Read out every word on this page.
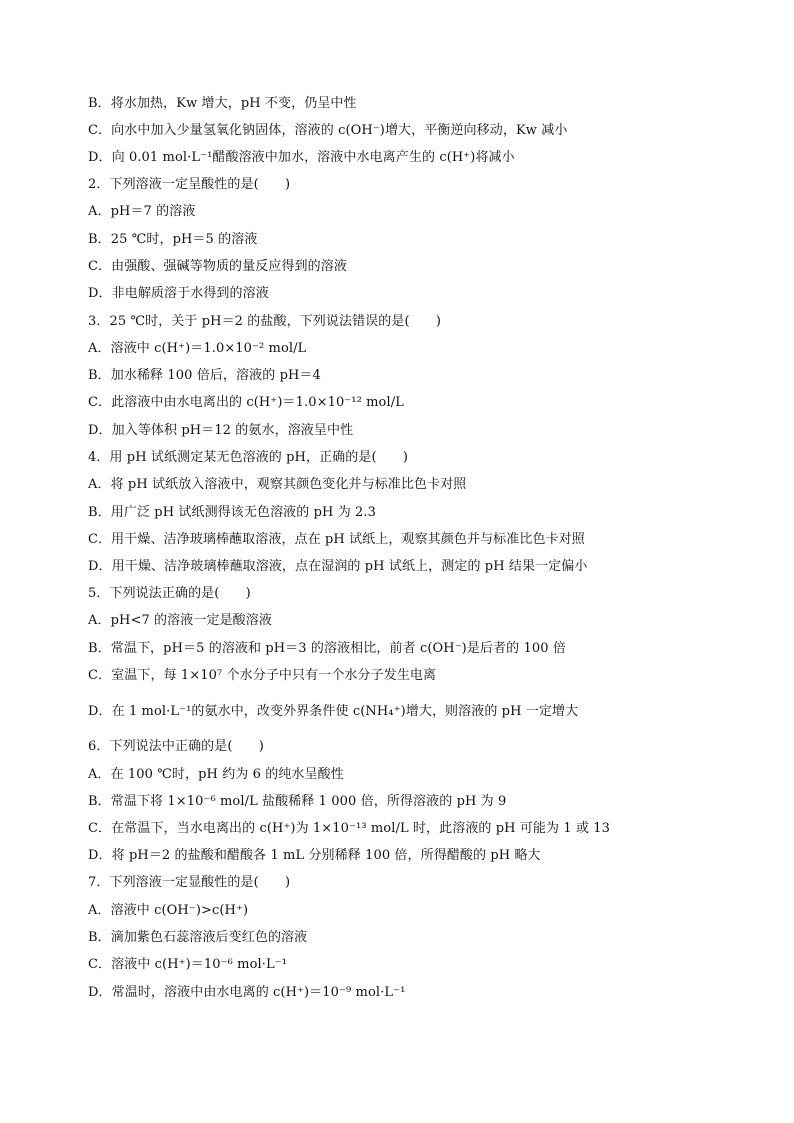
B．将水加热，Kw 增大，pH 不变，仍呈中性
C．向水中加入少量氢氧化钠固体，溶液的 c(OH⁻)增大，平衡逆向移动，Kw 减小
D．向 0.01 mol·L⁻¹醋酸溶液中加水，溶液中水电离产生的 c(H⁺)将减小
2．下列溶液一定呈酸性的是(　　)
A．pH＝7 的溶液
B．25 ℃时，pH＝5 的溶液
C．由强酸、强碱等物质的量反应得到的溶液
D．非电解质溶于水得到的溶液
3．25 ℃时，关于 pH＝2 的盐酸，下列说法错误的是(　　)
A．溶液中 c(H⁺)＝1.0×10⁻² mol/L
B．加水稀释 100 倍后，溶液的 pH＝4
C．此溶液中由水电离出的 c(H⁺)＝1.0×10⁻¹² mol/L
D．加入等体积 pH＝12 的氨水，溶液呈中性
4．用 pH 试纸测定某无色溶液的 pH，正确的是(　　)
A．将 pH 试纸放入溶液中，观察其颜色变化并与标准比色卡对照
B．用广泛 pH 试纸测得该无色溶液的 pH 为 2.3
C．用干燥、洁净玻璃棒蘸取溶液，点在 pH 试纸上，观察其颜色并与标准比色卡对照
D．用干燥、洁净玻璃棒蘸取溶液，点在湿润的 pH 试纸上，测定的 pH 结果一定偏小
5．下列说法正确的是(　　)
A．pH<7 的溶液一定是酸溶液
B．常温下，pH＝5 的溶液和 pH＝3 的溶液相比，前者 c(OH⁻)是后者的 100 倍
C．室温下，每 1×10⁷ 个水分子中只有一个水分子发生电离
D．在 1 mol·L⁻¹的氨水中，改变外界条件使 c(NH₄⁺)增大，则溶液的 pH 一定增大
6．下列说法中正确的是(　　)
A．在 100 ℃时，pH 约为 6 的纯水呈酸性
B．常温下将 1×10⁻⁶ mol/L 盐酸稀释 1 000 倍，所得溶液的 pH 为 9
C．在常温下，当水电离出的 c(H⁺)为 1×10⁻¹³ mol/L 时，此溶液的 pH 可能为 1 或 13
D．将 pH＝2 的盐酸和醋酸各 1 mL 分别稀释 100 倍，所得醋酸的 pH 略大
7．下列溶液一定显酸性的是(　　)
A．溶液中 c(OH⁻)>c(H⁺)
B．滴加紫色石蕊溶液后变红色的溶液
C．溶液中 c(H⁺)＝10⁻⁶ mol·L⁻¹
D．常温时，溶液中由水电离的 c(H⁺)＝10⁻⁹ mol·L⁻¹
